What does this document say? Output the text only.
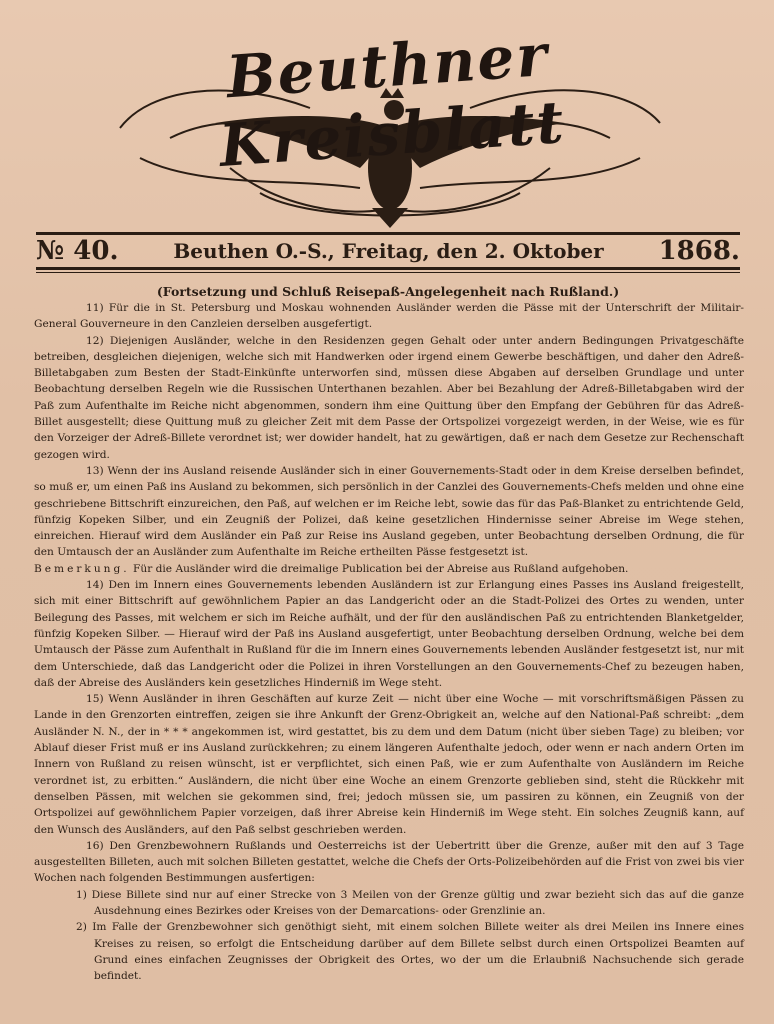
Beuthner Kreisblatt
№ 40.	Beuthen O.-S., Freitag, den 2. Oktober 1868.
(Fortsetzung und Schluß Reisepaß-Angelegenheit nach Rußland.)

11) Für die in St. Petersburg und Moskau wohnenden Ausländer werden die Pässe mit der Unterschrift der Militair-General Gouverneure in den Canzleien derselben ausgefertigt.

12) Diejenigen Ausländer, welche in den Residenzen gegen Gehalt oder unter andern Bedingungen Privatgeschäfte betreiben, desgleichen diejenigen, welche sich mit Handwerken oder irgend einem Gewerbe beschäftigen, und daher den Adreß-Billetabgaben zum Besten der Stadt-Einkünfte unterworfen sind, müssen diese Abgaben auf derselben Grundlage und unter Beobachtung derselben Regeln wie die Russischen Unterthanen bezahlen. Aber bei Bezahlung der Adreß-Billetabgaben wird der Paß zum Aufenthalte im Reiche nicht abgenommen, sondern ihm eine Quittung über den Empfang der Gebühren für das Adreß-Billet ausgestellt; diese Quittung muß zu gleicher Zeit mit dem Passe der Ortspolizei vorgezeigt werden, in der Weise, wie es für den Vorzeiger der Adreß-Billete verordnet ist; wer dowider handelt, hat zu gewärtigen, daß er nach dem Gesetze zur Rechenschaft gezogen wird.

13) Wenn der ins Ausland reisende Ausländer sich in einer Gouvernements-Stadt oder in dem Kreise derselben befindet, so muß er, um einen Paß ins Ausland zu bekommen, sich persönlich in der Canzlei des Gouvernements-Chefs melden und ohne eine geschriebene Bittschrift einzureichen, den Paß, auf welchen er im Reiche lebt, sowie das für das Paß-Blanket zu entrichtende Geld, fünfzig Kopeken Silber, und ein Zeugniß der Polizei, daß keine gesetzlichen Hindernisse seiner Abreise im Wege stehen, einreichen. Hierauf wird dem Ausländer ein Paß zur Reise ins Ausland gegeben, unter Beobachtung derselben Ordnung, die für den Umtausch der an Ausländer zum Aufenthalte im Reiche ertheilten Pässe festgesetzt ist.

Bemerkung. Für die Ausländer wird die dreimalige Publication bei der Abreise aus Rußland aufgehoben.

14) Den im Innern eines Gouvernements lebenden Ausländern ist zur Erlangung eines Passes ins Ausland freigestellt, sich mit einer Bittschrift auf gewöhnlichem Papier an das Landgericht oder an die Stadt-Polizei des Ortes zu wenden, unter Beilegung des Passes, mit welchem er sich im Reiche aufhält, und der für den ausländischen Paß zu entrichtenden Blanketgelder, fünfzig Kopeken Silber. — Hierauf wird der Paß ins Ausland ausgefertigt, unter Beobachtung derselben Ordnung, welche bei dem Umtausch der Pässe zum Aufenthalt in Rußland für die im Innern eines Gouvernements lebenden Ausländer festgesetzt ist, nur mit dem Unterschiede, daß das Landgericht oder die Polizei in ihren Vorstellungen an den Gouvernements-Chef zu bezeugen haben, daß der Abreise des Ausländers kein gesetzliches Hinderniß im Wege steht.

15) Wenn Ausländer in ihren Geschäften auf kurze Zeit — nicht über eine Woche — mit vorschriftsmäßigen Pässen zu Lande in den Grenzorten eintreffen, zeigen sie ihre Ankunft der Grenz-Obrigkeit an, welche auf den National-Paß schreibt: „dem Ausländer N. N., der in * * * angekommen ist, wird gestattet, bis zu dem und dem Datum (nicht über sieben Tage) zu bleiben; vor Ablauf dieser Frist muß er ins Ausland zurückkehren; zu einem längeren Aufenthalte jedoch, oder wenn er nach andern Orten im Innern von Rußland zu reisen wünscht, ist er verpflichtet, sich einen Paß, wie er zum Aufenthalte von Ausländern im Reiche verordnet ist, zu erbitten.“ Ausländern, die nicht über eine Woche an einem Grenzorte geblieben sind, steht die Rückkehr mit denselben Pässen, mit welchen sie gekommen sind, frei; jedoch müssen sie, um passiren zu können, ein Zeugniß von der Ortspolizei auf gewöhnlichem Papier vorzeigen, daß ihrer Abreise kein Hinderniß im Wege steht. Ein solches Zeugniß kann, auf den Wunsch des Ausländers, auf den Paß selbst geschrieben werden.

16) Den Grenzbewohnern Rußlands und Oesterreichs ist der Uebertritt über die Grenze, außer mit den auf 3 Tage ausgestellten Billeten, auch mit solchen Billeten gestattet, welche die Chefs der Orts-Polizeibehörden auf die Frist von zwei bis vier Wochen nach folgenden Bestimmungen ausfertigen:

1) Diese Billete sind nur auf einer Strecke von 3 Meilen von der Grenze gültig und zwar bezieht sich das auf die ganze Ausdehnung eines Bezirkes oder Kreises von der Demarcations- oder Grenzlinie an.
2) Im Falle der Grenzbewohner sich genöthigt sieht, mit einem solchen Billete weiter als drei Meilen ins Innere eines Kreises zu reisen, so erfolgt die Entscheidung darüber auf dem Billete selbst durch einen Ortspolizei Beamten auf Grund eines einfachen Zeugnisses der Obrigkeit des Ortes, wo der um die Erlaubniß Nachsuchende sich gerade befindet.
